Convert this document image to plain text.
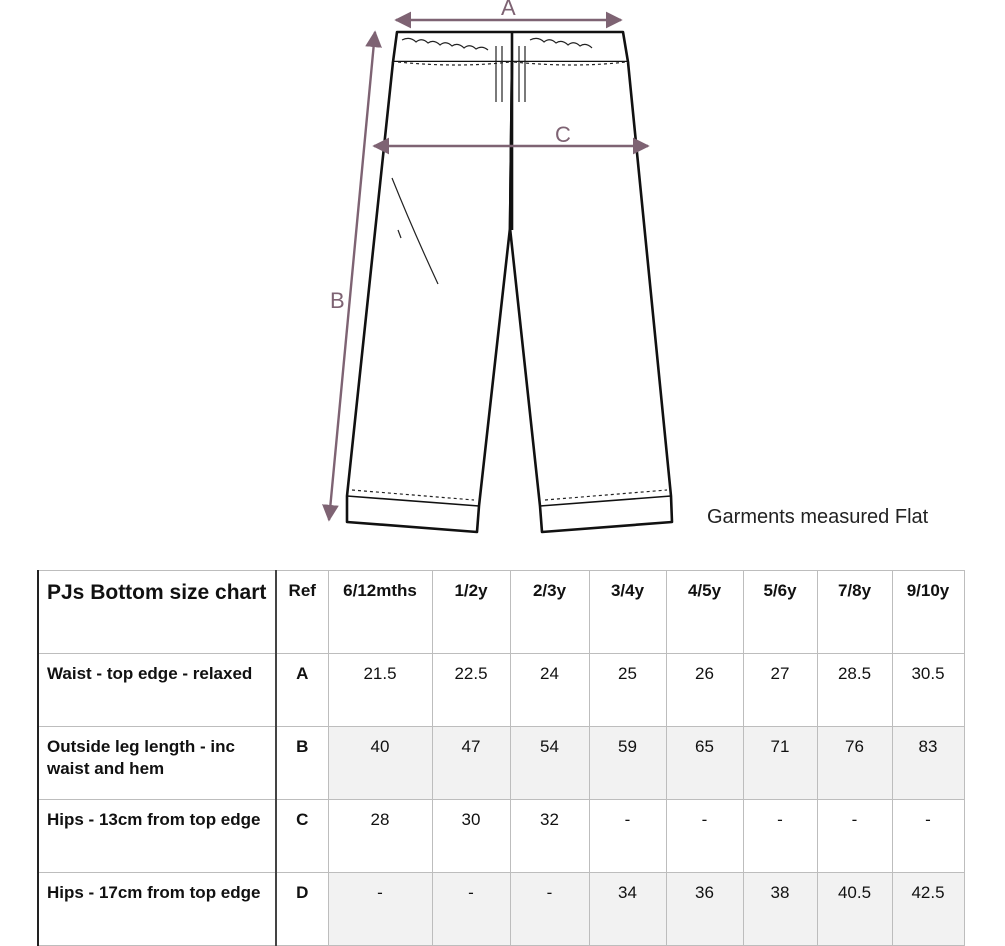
A
C
B
Garments measured Flat
PJs Bottom size chart	Ref	6/12mths	1/2y	2/3y	3/4y	4/5y	5/6y	7/8y	9/10y
Waist - top edge - relaxed	A	21.5	22.5	24	25	26	27	28.5	30.5
Outside leg length - inc waist and hem	B	40	47	54	59	65	71	76	83
Hips - 13cm from top edge	C	28	30	32	-	-	-	-	-
Hips - 17cm from top edge	D	-	-	-	34	36	38	40.5	42.5
